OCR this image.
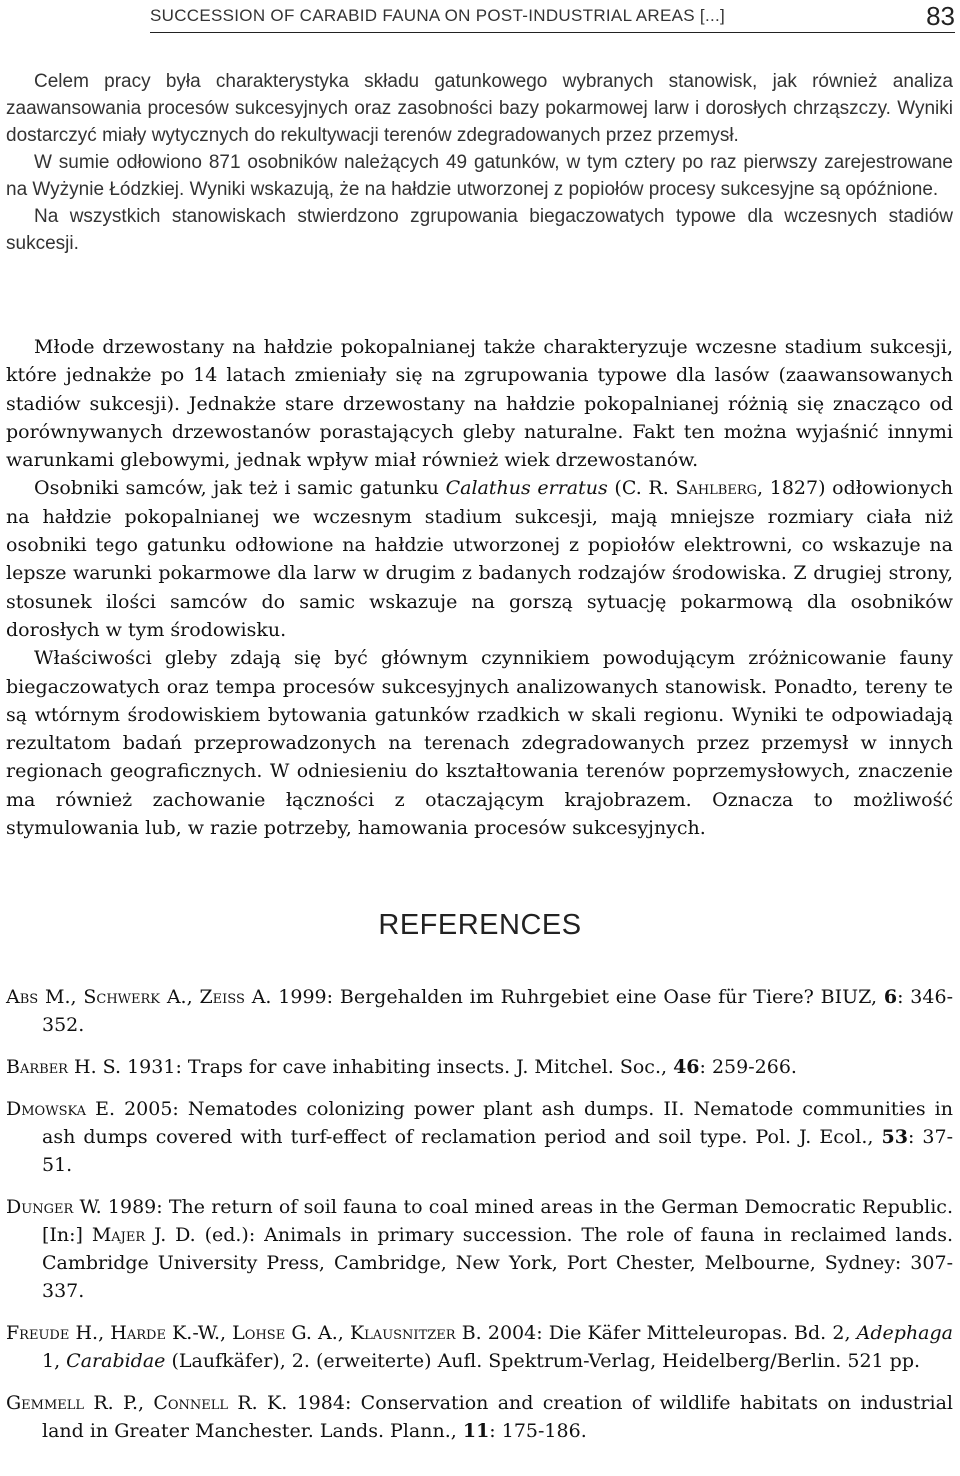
SUCCESSION OF CARABID FAUNA ON POST-INDUSTRIAL AREAS [...]	83

Celem pracy była charakterystyka składu gatunkowego wybranych stanowisk, jak również analiza zaawansowania procesów sukcesyjnych oraz zasobności bazy pokarmowej larw i dorosłych chrząszczy. Wyniki dostarczyć miały wytycznych do rekultywacji terenów zdegradowanych przez przemysł.

W sumie odłowiono 871 osobników należących 49 gatunków, w tym cztery po raz pierwszy zarejestrowane na Wyżynie Łódzkiej. Wyniki wskazują, że na hałdzie utworzonej z popiołów procesy sukcesyjne są opóźnione.

Na wszystkich stanowiskach stwierdzono zgrupowania biegaczowatych typowe dla wczesnych stadiów sukcesji.

Młode drzewostany na hałdzie pokopalnianej także charakteryzuje wczesne stadium sukcesji, które jednakże po 14 latach zmieniały się na zgrupowania typowe dla lasów (zaawansowanych stadiów sukcesji). Jednakże stare drzewostany na hałdzie pokopalnianej różnią się znacząco od porównywanych drzewostanów porastających gleby naturalne. Fakt ten można wyjaśnić innymi warunkami glebowymi, jednak wpływ miał również wiek drzewostanów.

Osobniki samców, jak też i samic gatunku Calathus erratus (C. R. Sahlberg, 1827) odłowionych na hałdzie pokopalnianej we wczesnym stadium sukcesji, mają mniejsze rozmiary ciała niż osobniki tego gatunku odłowione na hałdzie utworzonej z popiołów elektrowni, co wskazuje na lepsze warunki pokarmowe dla larw w drugim z badanych rodzajów środowiska. Z drugiej strony, stosunek ilości samców do samic wskazuje na gorszą sytuację pokarmową dla osobników dorosłych w tym środowisku.

Właściwości gleby zdają się być głównym czynnikiem powodującym zróżnicowanie fauny biegaczowatych oraz tempa procesów sukcesyjnych analizowanych stanowisk. Ponadto, tereny te są wtórnym środowiskiem bytowania gatunków rzadkich w skali regionu. Wyniki te odpowiadają rezultatom badań przeprowadzonych na terenach zdegradowanych przez przemysł w innych regionach geograficznych. W odniesieniu do kształtowania terenów poprzemysłowych, znaczenie ma również zachowanie łączności z otaczającym krajobrazem. Oznacza to możliwość stymulowania lub, w razie potrzeby, hamowania procesów sukcesyjnych.

REFERENCES

Abs M., Schwerk A., Zeiß A. 1999: Bergehalden im Ruhrgebiet eine Oase für Tiere? BIUZ, 6: 346-352.

Barber H. S. 1931: Traps for cave inhabiting insects. J. Mitchel. Soc., 46: 259-266.

Dmowska E. 2005: Nematodes colonizing power plant ash dumps. II. Nematode communities in ash dumps covered with turf-effect of reclamation period and soil type. Pol. J. Ecol., 53: 37-51.

Dunger W. 1989: The return of soil fauna to coal mined areas in the German Democratic Republic. [In:] Majer J. D. (ed.): Animals in primary succession. The role of fauna in reclaimed lands. Cambridge University Press, Cambridge, New York, Port Chester, Melbourne, Sydney: 307-337.

Freude H., Harde K.-W., Lohse G. A., Klausnitzer B. 2004: Die Käfer Mitteleuropas. Bd. 2, Adephaga 1, Carabidae (Laufkäfer), 2. (erweiterte) Aufl. Spektrum-Verlag, Heidelberg/Berlin. 521 pp.

Gemmell R. P., Connell R. K. 1984: Conservation and creation of wildlife habitats on industrial land in Greater Manchester. Lands. Plann., 11: 175-186.
